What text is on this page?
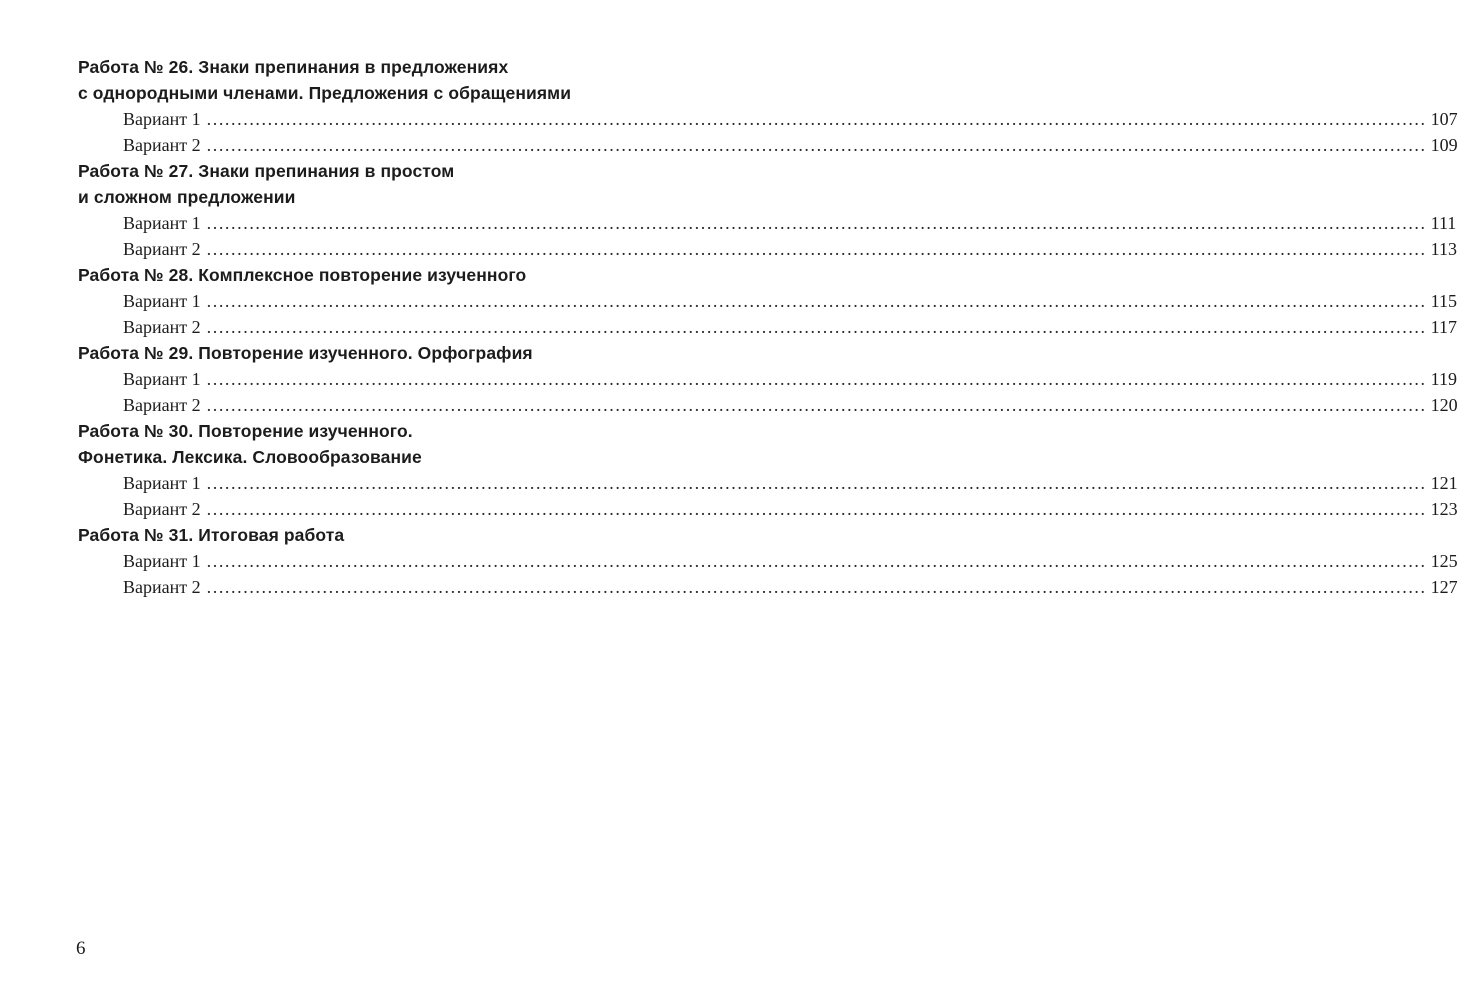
Работа № 26. Знаки препинания в предложениях
с однородными членами. Предложения с обращениями
Вариант 1 ........................................................................................................................................................................................................ 107
Вариант 2 ........................................................................................................................................................................................................ 109
Работа № 27. Знаки препинания в простом
и сложном предложении
Вариант 1 ........................................................................................................................................................................................................ 111
Вариант 2 ........................................................................................................................................................................................................ 113
Работа № 28. Комплексное повторение изученного
Вариант 1 ........................................................................................................................................................................................................ 115
Вариант 2 ........................................................................................................................................................................................................ 117
Работа № 29. Повторение изученного. Орфография
Вариант 1 ........................................................................................................................................................................................................ 119
Вариант 2 ........................................................................................................................................................................................................ 120
Работа № 30. Повторение изученного.
Фонетика. Лексика. Словообразование
Вариант 1 ........................................................................................................................................................................................................ 121
Вариант 2 ........................................................................................................................................................................................................ 123
Работа № 31. Итоговая работа
Вариант 1 ........................................................................................................................................................................................................ 125
Вариант 2 ........................................................................................................................................................................................................ 127
6
